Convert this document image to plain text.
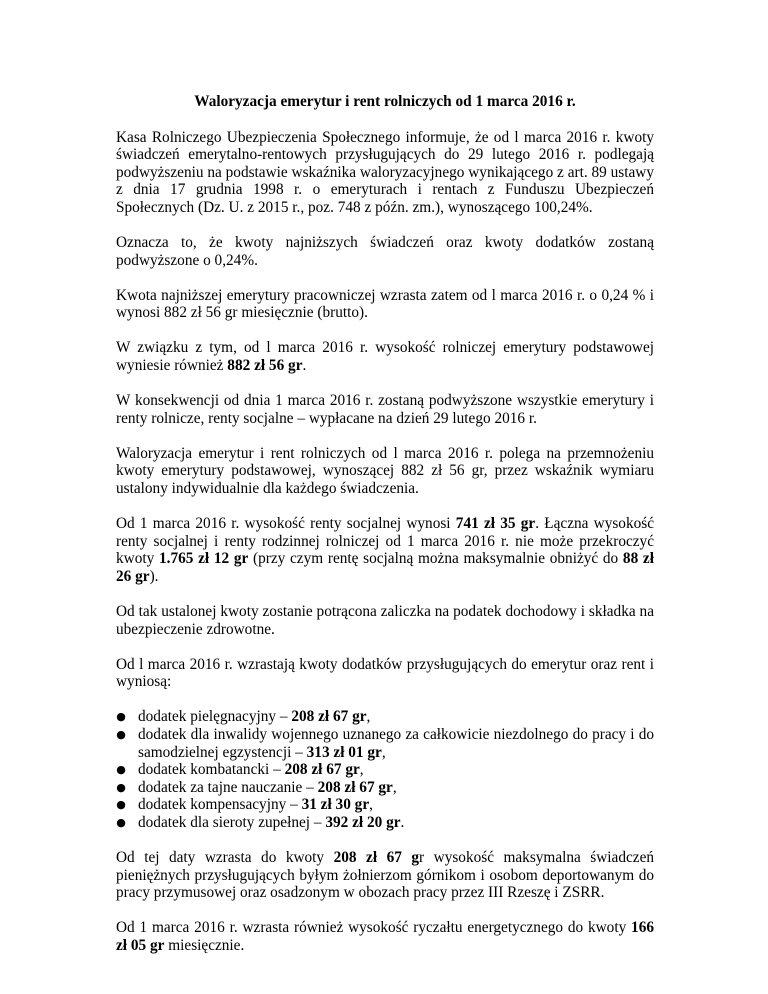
Waloryzacja emerytur i rent rolniczych od 1 marca 2016 r.

Kasa Rolniczego Ubezpieczenia Społecznego informuje, że od l marca 2016 r. kwoty świadczeń emerytalno-rentowych przysługujących do 29 lutego 2016 r. podlegają podwyższeniu na podstawie wskaźnika waloryzacyjnego wynikającego z art. 89 ustawy z dnia 17 grudnia 1998 r. o emeryturach i rentach z Funduszu Ubezpieczeń Społecznych (Dz. U. z 2015 r., poz. 748 z późn. zm.), wynoszącego 100,24%.

Oznacza to, że kwoty najniższych świadczeń oraz kwoty dodatków zostaną podwyższone o 0,24%.

Kwota najniższej emerytury pracowniczej wzrasta zatem od l marca 2016 r. o 0,24 % i wynosi 882 zł 56 gr miesięcznie (brutto).

W związku z tym, od l marca 2016 r. wysokość rolniczej emerytury podstawowej wyniesie również 882 zł 56 gr.

W konsekwencji od dnia 1 marca 2016 r. zostaną podwyższone wszystkie emerytury i renty rolnicze, renty socjalne – wypłacane na dzień 29 lutego 2016 r.

Waloryzacja emerytur i rent rolniczych od l marca 2016 r. polega na przemnożeniu kwoty emerytury podstawowej, wynoszącej 882 zł 56 gr, przez wskaźnik wymiaru ustalony indywidualnie dla każdego świadczenia.

Od 1 marca 2016 r. wysokość renty socjalnej wynosi 741 zł 35 gr. Łączna wysokość renty socjalnej i renty rodzinnej rolniczej od 1 marca 2016 r. nie może przekroczyć kwoty 1.765 zł 12 gr (przy czym rentę socjalną można maksymalnie obniżyć do 88 zł 26 gr).

Od tak ustalonej kwoty zostanie potrącona zaliczka na podatek dochodowy i składka na ubezpieczenie zdrowotne.

Od l marca 2016 r. wzrastają kwoty dodatków przysługujących do emerytur oraz rent i wyniosą:

● dodatek pielęgnacyjny – 208 zł 67 gr,
● dodatek dla inwalidy wojennego uznanego za całkowicie niezdolnego do pracy i do samodzielnej egzystencji – 313 zł 01 gr,
● dodatek kombatancki – 208 zł 67 gr,
● dodatek za tajne nauczanie – 208 zł 67 gr,
● dodatek kompensacyjny – 31 zł 30 gr,
● dodatek dla sieroty zupełnej – 392 zł 20 gr.

Od tej daty wzrasta do kwoty 208 zł 67 gr wysokość maksymalna świadczeń pieniężnych przysługujących byłym żołnierzom górnikom i osobom deportowanym do pracy przymusowej oraz osadzonym w obozach pracy przez III Rzeszę i ZSRR.

Od 1 marca 2016 r. wzrasta również wysokość ryczałtu energetycznego do kwoty 166 zł 05 gr miesięcznie.
